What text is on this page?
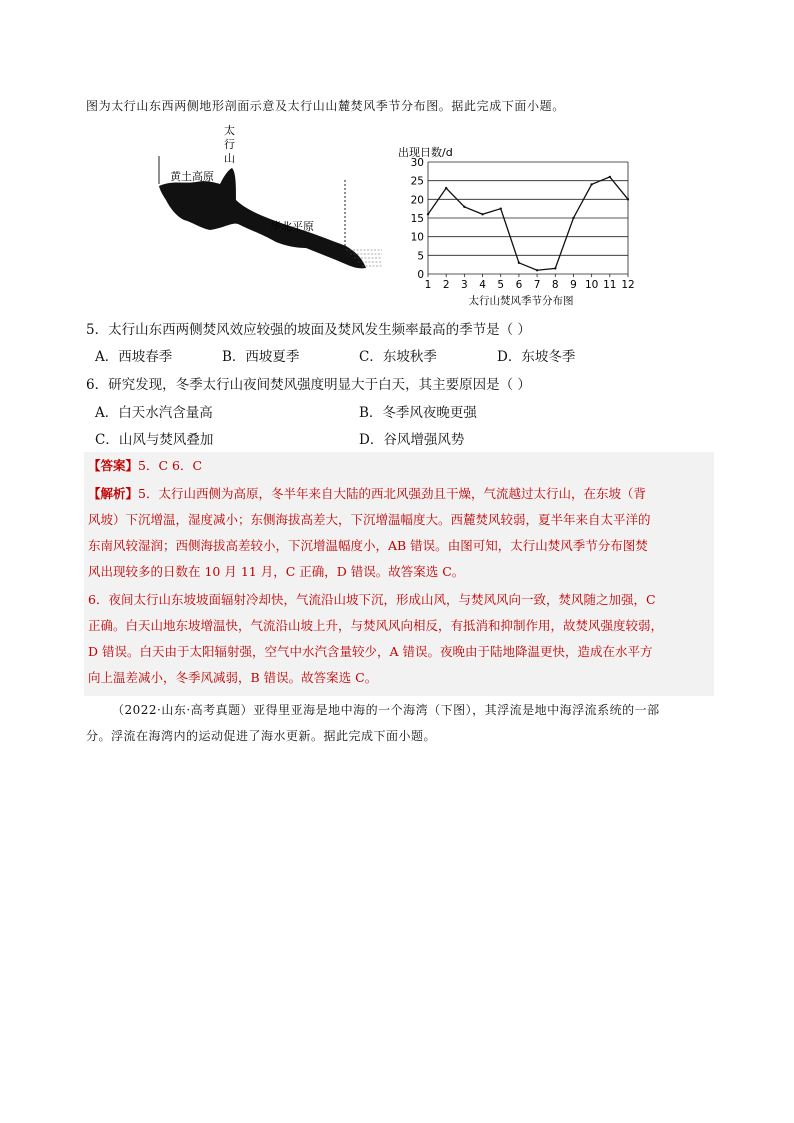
图为太行山东西两侧地形剖面示意及太行山山麓焚风季节分布图。据此完成下面小题。
太
行
山
黄土高原
华北平原
出现日数/d
太行山焚风季节分布图
0
5
10
15
20
25
30
1 2 3 4 5 6 7 8 9 10 11 12
5．太行山东西两侧焚风效应较强的坡面及焚风发生频率最高的季节是（ ）
A．西坡春季	B．西坡夏季	C．东坡秋季	D．东坡冬季
6．研究发现，冬季太行山夜间焚风强度明显大于白天，其主要原因是（ ）
A．白天水汽含量高	B．冬季风夜晚更强
C．山风与焚风叠加	D．谷风增强风势
【答案】5．C 6．C
【解析】5．太行山西侧为高原，冬半年来自大陆的西北风强劲且干燥，气流越过太行山，在东坡（背
风坡）下沉增温，湿度减小；东侧海拔高差大，下沉增温幅度大。西麓焚风较弱，夏半年来自太平洋的
东南风较湿润；西侧海拔高差较小，下沉增温幅度小，AB 错误。由图可知，太行山焚风季节分布图焚
风出现较多的日数在 10 月 11 月，C 正确，D 错误。故答案选 C。
6．夜间太行山东坡坡面辐射冷却快，气流沿山坡下沉，形成山风，与焚风风向一致，焚风随之加强，C
正确。白天山地东坡增温快，气流沿山坡上升，与焚风风向相反，有抵消和抑制作用，故焚风强度较弱，
D 错误。白天由于太阳辐射强，空气中水汽含量较少，A 错误。夜晚由于陆地降温更快，造成在水平方
向上温差减小，冬季风减弱，B 错误。故答案选 C。
（2022·山东·高考真题）亚得里亚海是地中海的一个海湾（下图），其浮流是地中海浮流系统的一部
分。浮流在海湾内的运动促进了海水更新。据此完成下面小题。
